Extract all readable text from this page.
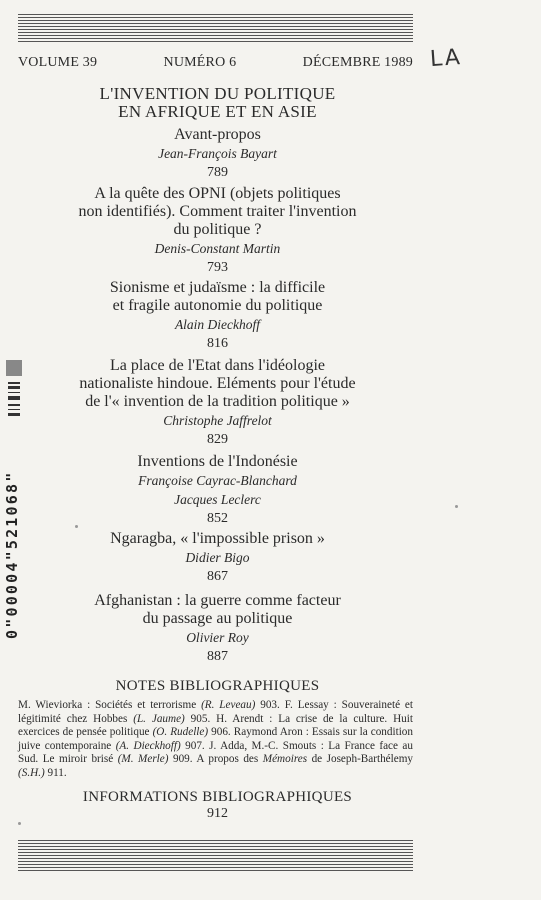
VOLUME 39	NUMÉRO 6	DÉCEMBRE 1989 LA
L'INVENTION DU POLITIQUE
EN AFRIQUE ET EN ASIE
Avant-propos
Jean-François Bayart
789
A la quête des OPNI (objets politiques
non identifiés). Comment traiter l'invention
du politique ?
Denis-Constant Martin
793
Sionisme et judaïsme : la difficile
et fragile autonomie du politique
Alain Dieckhoff
816
La place de l'Etat dans l'idéologie
nationaliste hindoue. Eléments pour l'étude
de l'« invention de la tradition politique »
Christophe Jaffrelot
829
Inventions de l'Indonésie
Françoise Cayrac-Blanchard
Jacques Leclerc
852
Ngaragba, « l'impossible prison »
Didier Bigo
867
Afghanistan : la guerre comme facteur
du passage au politique
Olivier Roy
887
NOTES BIBLIOGRAPHIQUES
M. Wieviorka : Sociétés et terrorisme (R. Leveau) 903. F. Lessay : Souveraineté et légitimité chez Hobbes (L. Jaume) 905. H. Arendt : La crise de la culture. Huit exercices de pensée politique (O. Rudelle) 906. Raymond Aron : Essais sur la condition juive contemporaine (A. Dieckhoff) 907. J. Adda, M.-C. Smouts : La France face au Sud. Le miroir brisé (M. Merle) 909. A propos des Mémoires de Joseph-Barthélemy (S.H.) 911.
INFORMATIONS BIBLIOGRAPHIQUES
912
0"00004"521068"
